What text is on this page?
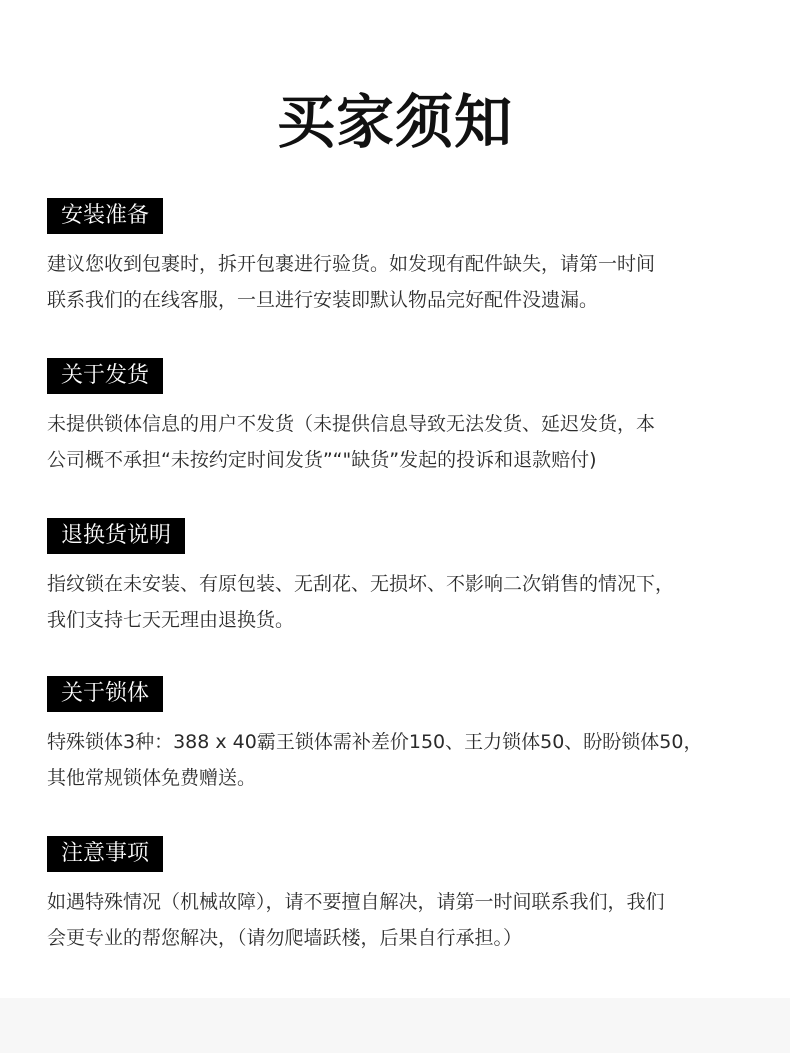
买家须知
安装准备
建议您收到包裹时，拆开包裹进行验货。如发现有配件缺失，请第一时间
联系我们的在线客服，一旦进行安装即默认物品完好配件没遗漏。
关于发货
未提供锁体信息的用户不发货（未提供信息导致无法发货、延迟发货，本
公司概不承担“未按约定时间发货”“"缺货”发起的投诉和退款赔付)
退换货说明
指纹锁在未安装、有原包装、无刮花、无损坏、不影响二次销售的情况下，
我们支持七天无理由退换货。
关于锁体
特殊锁体3种：388 x 40霸王锁体需补差价150、王力锁体50、盼盼锁体50，
其他常规锁体免费赠送。
注意事项
如遇特殊情况（机械故障），请不要擅自解决，请第一时间联系我们，我们
会更专业的帮您解决，（请勿爬墙跃楼，后果自行承担。）
